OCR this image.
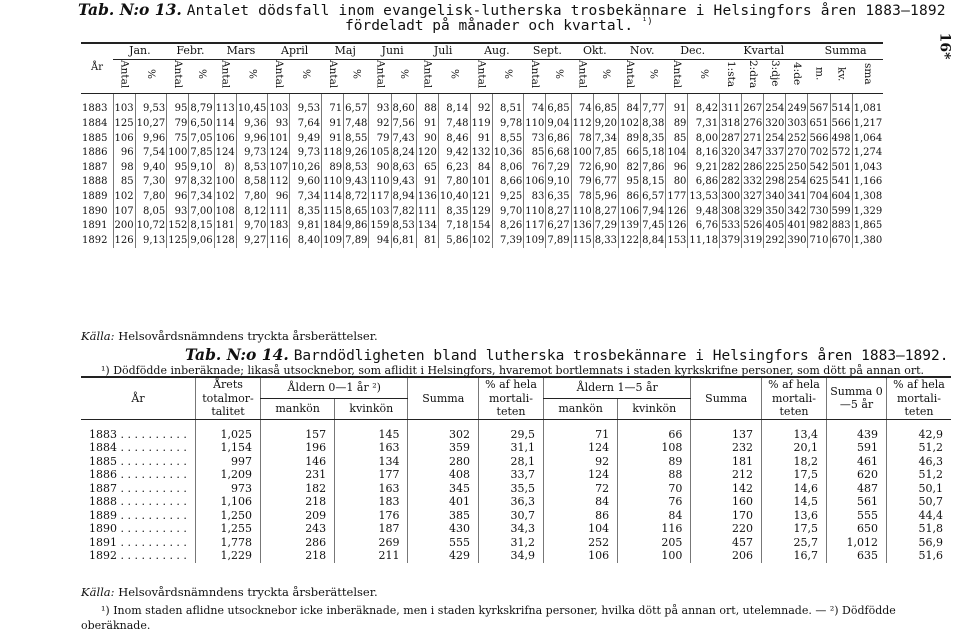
Tab. N:o 13. Antalet dödsfall inom evangelisk-lutherska trosbekännare i Helsingfors åren 1883—1892
fördeladt på månader och kvartal. $^{^1)}$
16*
År	Jan.		Febr.		Mars		April		Maj		Juni		Juli		Aug.		Sept.		Okt.		Nov.		Dec.		Kvartal				Summa		
	Antal	%	Antal	%	Antal	%	Antal	%	Antal	%	Antal	%	Antal	%	Antal	%	Antal	%	Antal	%	Antal	%	Antal	%	1:sta	2:dra	3:dje	4:de	m.	kv.	sma
1883	103	9,53	95	8,79	113	10,45	103	9,53	71	6,57	93	8,60	88	8,14	92	8,51	74	6,85	74	6,85	84	7,77	91	8,42	311	267	254	249	567	514	1,081
1884	125	10,27	79	6,50	114	9,36	93	7,64	91	7,48	92	7,56	91	7,48	119	9,78	110	9,04	112	9,20	102	8,38	89	7,31	318	276	320	303	651	566	1,217
1885	106	9,96	75	7,05	106	9,96	101	9,49	91	8,55	79	7,43	90	8,46	91	8,55	73	6,86	78	7,34	89	8,35	85	8,00	287	271	254	252	566	498	1,064
1886	96	7,54	100	7,85	124	9,73	124	9,73	118	9,26	105	8,24	120	9,42	132	10,36	85	6,68	100	7,85	66	5,18	104	8,16	320	347	337	270	702	572	1,274
1887	98	9,40	95	9,10	8)	8,53	107	10,26	89	8,53	90	8,63	65	6,23	84	8,06	76	7,29	72	6,90	82	7,86	96	9,21	282	286	225	250	542	501	1,043
1888	85	7,30	97	8,32	100	8,58	112	9,60	110	9,43	110	9,43	91	7,80	101	8,66	106	9,10	79	6,77	95	8,15	80	6,86	282	332	298	254	625	541	1,166
1889	102	7,80	96	7,34	102	7,80	96	7,34	114	8,72	117	8,94	136	10,40	121	9,25	83	6,35	78	5,96	86	6,57	177	13,53	300	327	340	341	704	604	1,308
1890	107	8,05	93	7,00	108	8,12	111	8,35	115	8,65	103	7,82	111	8,35	129	9,70	110	8,27	110	8,27	106	7,94	126	9,48	308	329	350	342	730	599	1,329
1891	200	10,72	152	8,15	181	9,70	183	9,81	184	9,86	159	8,53	134	7,18	154	8,26	117	6,27	136	7,29	139	7,45	126	6,76	533	526	405	401	982	883	1,865
1892	126	9,13	125	9,06	128	9,27	116	8,40	109	7,89	94	6,81	81	5,86	102	7,39	109	7,89	115	8,33	122	8,84	153	11,18	379	319	292	390	710	670	1,380
Källa: Helsovårdsnämndens tryckta årsberättelser.
¹) Dödfödde inberäknade; likaså utsocknebor, som aflidit i Helsingfors, hvaremot bortlemnats i staden kyrkskrifne personer, som dött på annan ort.
Tab. N:o 14. Barndödligheten bland lutherska trosbekännare i Helsingfors åren 1883—1892.
År	Årets totalmor-talitet	Åldern 0—1 år ²)		Summa	% af hela mortali-teten	Åldern 1—5 år		Summa	% af hela mortali-teten	Summa 0—5 år	% af hela mortali-teten
		mankön	kvinkön			mankön	kvinkön				
1883 . . . . . . . . . .	1,025	157	145	302	29,5	71	66	137	13,4	439	42,9
1884 . . . . . . . . . .	1,154	196	163	359	31,1	124	108	232	20,1	591	51,2
1885 . . . . . . . . . .	997	146	134	280	28,1	92	89	181	18,2	461	46,3
1886 . . . . . . . . . .	1,209	231	177	408	33,7	124	88	212	17,5	620	51,2
1887 . . . . . . . . . .	973	182	163	345	35,5	72	70	142	14,6	487	50,1
1888 . . . . . . . . . .	1,106	218	183	401	36,3	84	76	160	14,5	561	50,7
1889 . . . . . . . . . .	1,250	209	176	385	30,7	86	84	170	13,6	555	44,4
1890 . . . . . . . . . .	1,255	243	187	430	34,3	104	116	220	17,5	650	51,8
1891 . . . . . . . . . .	1,778	286	269	555	31,2	252	205	457	25,7	1,012	56,9
1892 . . . . . . . . . .	1,229	218	211	429	34,9	106	100	206	16,7	635	51,6
Källa: Helsovårdsnämndens tryckta årsberättelser.
¹) Inom staden aflidne utsocknebor icke inberäknade, men i staden kyrkskrifna personer, hvilka dött på annan ort, utelemnade. — ²) Dödfödde oberäknade.
